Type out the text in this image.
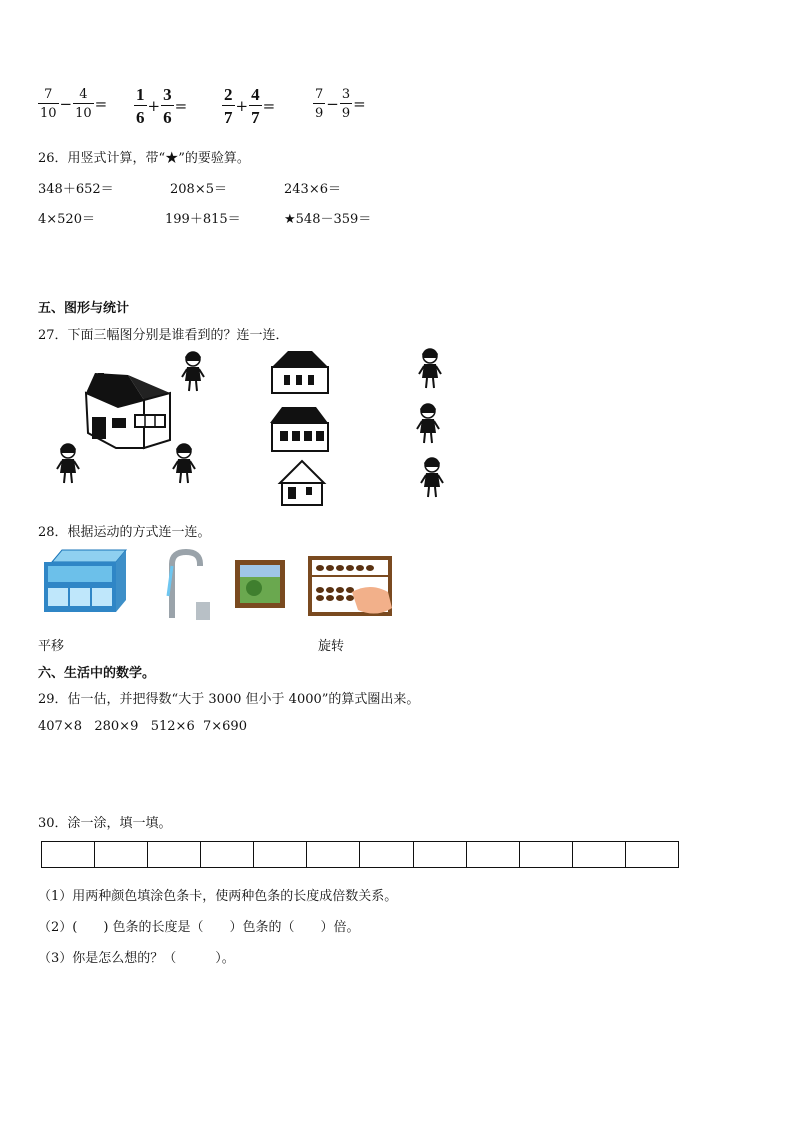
$\frac{7}{10} - \frac{4}{10} = \frac{1}{6} + \frac{3}{6} = \frac{2}{7} + \frac{4}{7}$ =	$\frac{7}{9} - \frac{3}{9}$ =
26．用竖式计算，带“★”的要验算。
348＋652＝	208×5＝	243×6＝
4×520＝	199＋815＝	★548－359＝
五、图形与统计
27．下面三幅图分别是谁看到的？连一连．
28．根据运动的方式连一连。
平移	旋转
六、生活中的数学。
29．估一估，并把得数“大于 3000 但小于 4000”的算式圈出来。
407×8   280×9   512×6  7×690
30．涂一涂，填一填。
（1）用两种颜色填涂色条卡，使两种色条的长度成倍数关系。
（2）(　　) 色条的长度是（　　）色条的（　　）倍。
（3）你是怎么想的？（　　　）。
